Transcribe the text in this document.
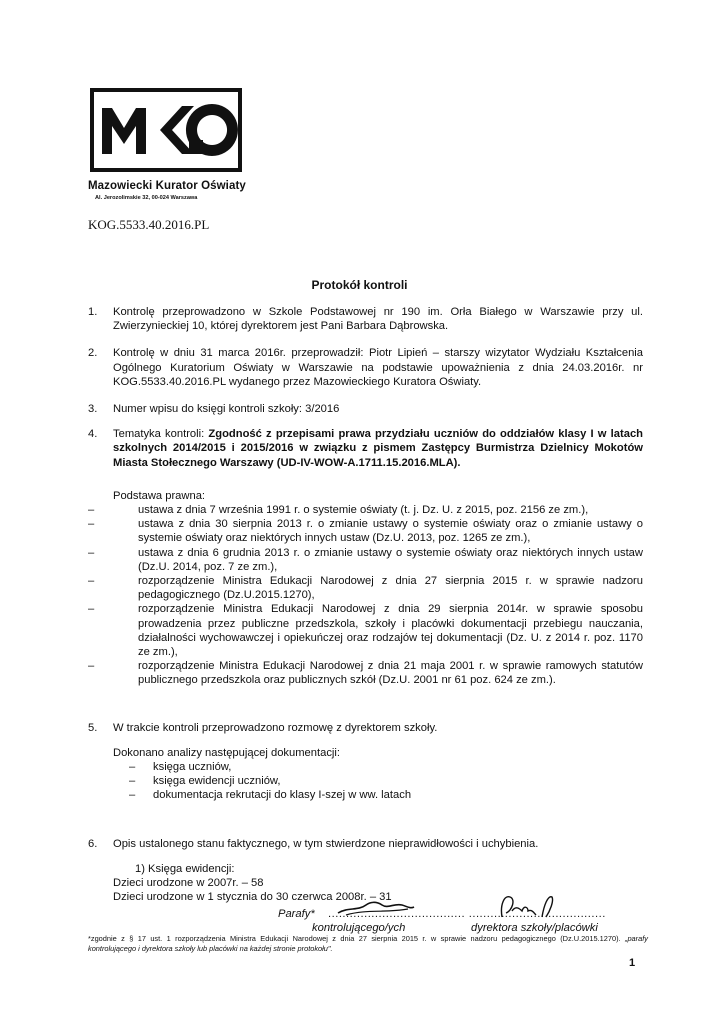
Mazowiecki Kurator Oświaty
Al. Jerozolimskie 32, 00-024 Warszawa
KOG.5533.40.2016.PL
Protokół kontroli
1.	Kontrolę przeprowadzono w Szkole Podstawowej nr 190 im. Orła Białego w Warszawie przy ul. Zwierzynieckiej 10, której dyrektorem jest Pani Barbara Dąbrowska.
2.	Kontrolę w dniu 31 marca 2016r. przeprowadził: Piotr Lipień – starszy wizytator Wydziału Kształcenia Ogólnego Kuratorium Oświaty w Warszawie na podstawie upoważnienia z dnia 24.03.2016r. nr KOG.5533.40.2016.PL wydanego przez Mazowieckiego Kuratora Oświaty.
3.	Numer wpisu do księgi kontroli szkoły: 3/2016
4.	Tematyka kontroli: Zgodność z przepisami prawa przydziału uczniów do oddziałów klasy I w latach szkolnych 2014/2015 i 2015/2016 w związku z pismem Zastępcy Burmistrza Dzielnicy Mokotów Miasta Stołecznego Warszawy (UD-IV-WOW-A.1711.15.2016.MLA).
Podstawa prawna:
– ustawa z dnia 7 września 1991 r. o systemie oświaty (t. j. Dz. U. z 2015, poz. 2156 ze zm.),
– ustawa z dnia 30 sierpnia 2013 r. o zmianie ustawy o systemie oświaty oraz o zmianie ustawy o systemie oświaty oraz niektórych innych ustaw (Dz.U. 2013, poz. 1265 ze zm.),
– ustawa z dnia 6 grudnia 2013 r. o zmianie ustawy o systemie oświaty oraz niektórych innych ustaw (Dz.U. 2014, poz. 7 ze zm.),
– rozporządzenie Ministra Edukacji Narodowej z dnia 27 sierpnia 2015 r. w sprawie nadzoru pedagogicznego (Dz.U.2015.1270),
– rozporządzenie Ministra Edukacji Narodowej z dnia 29 sierpnia 2014r. w sprawie sposobu prowadzenia przez publiczne przedszkola, szkoły i placówki dokumentacji przebiegu nauczania, działalności wychowawczej i opiekuńczej oraz rodzajów tej dokumentacji (Dz. U. z 2014 r. poz. 1170 ze zm.),
– rozporządzenie Ministra Edukacji Narodowej z dnia 21 maja 2001 r. w sprawie ramowych statutów publicznego przedszkola oraz publicznych szkół (Dz.U. 2001 nr 61 poz. 624 ze zm.).
5.	W trakcie kontroli przeprowadzono rozmowę z dyrektorem szkoły.
Dokonano analizy następującej dokumentacji:
– księga uczniów,
– księga ewidencji uczniów,
– dokumentacja rekrutacji do klasy I-szej w ww. latach
6.	Opis ustalonego stanu faktycznego, w tym stwierdzone nieprawidłowości i uchybienia.
1) Księga ewidencji:
Dzieci urodzone w 2007r. – 58
Dzieci urodzone w 1 stycznia do 30 czerwca 2008r. – 31
Parafy* ...................................... ......................................
kontrolującego/ych	dyrektora szkoły/placówki
*zgodnie z § 17 ust. 1 rozporządzenia Ministra Edukacji Narodowej z dnia 27 sierpnia 2015 r. w sprawie nadzoru pedagogicznego (Dz.U.2015.1270). „parafy kontrolującego i dyrektora szkoły lub placówki na każdej stronie protokołu".
1
